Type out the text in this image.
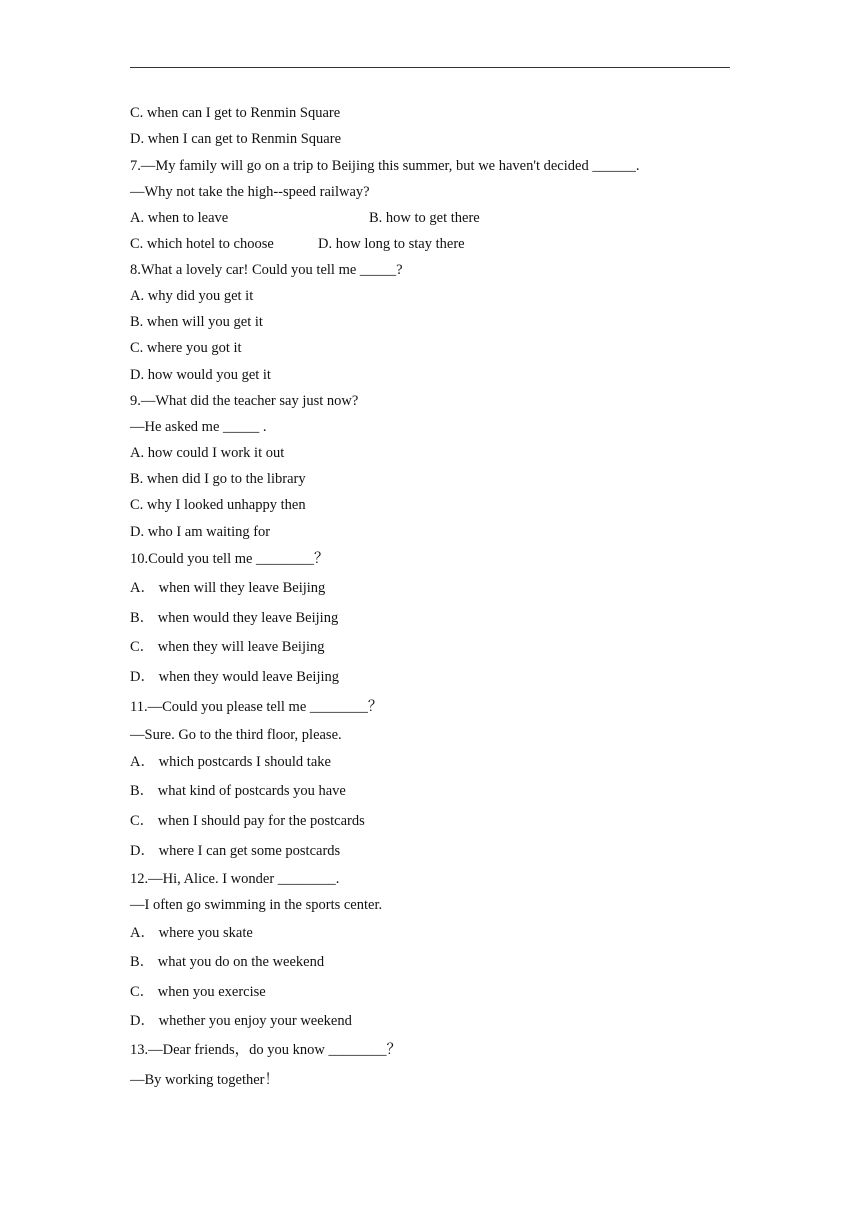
C. when can I get to Renmin Square
D. when I can get to Renmin Square
7.—My family will go on a trip to Beijing this summer, but we haven't decided ______.
—Why not take the high--speed railway?
A. when to leave	B. how to get there
C. which hotel to choose	D. how long to stay there
8.What a lovely car! Could you tell me _____?
A. why did you get it
B. when will you get it
C. where you got it
D. how would you get it
9.—What did the teacher say just now?
—He asked me _____ .
A. how could I work it out
B. when did I go to the library
C. why I looked unhappy then
D. who I am waiting for
10.Could you tell me ________？
A． when will they leave Beijing
B． when would they leave Beijing
C． when they will leave Beijing
D． when they would leave Beijing
11.—Could you please tell me ________？
—Sure. Go to the third floor, please.
A． which postcards I should take
B． what kind of postcards you have
C． when I should pay for the postcards
D． where I can get some postcards
12.—Hi, Alice. I wonder ________.
—I often go swimming in the sports center.
A． where you skate
B． what you do on the weekend
C． when you exercise
D． whether you enjoy your weekend
13.—Dear friends，do you know ________？
—By working together！
